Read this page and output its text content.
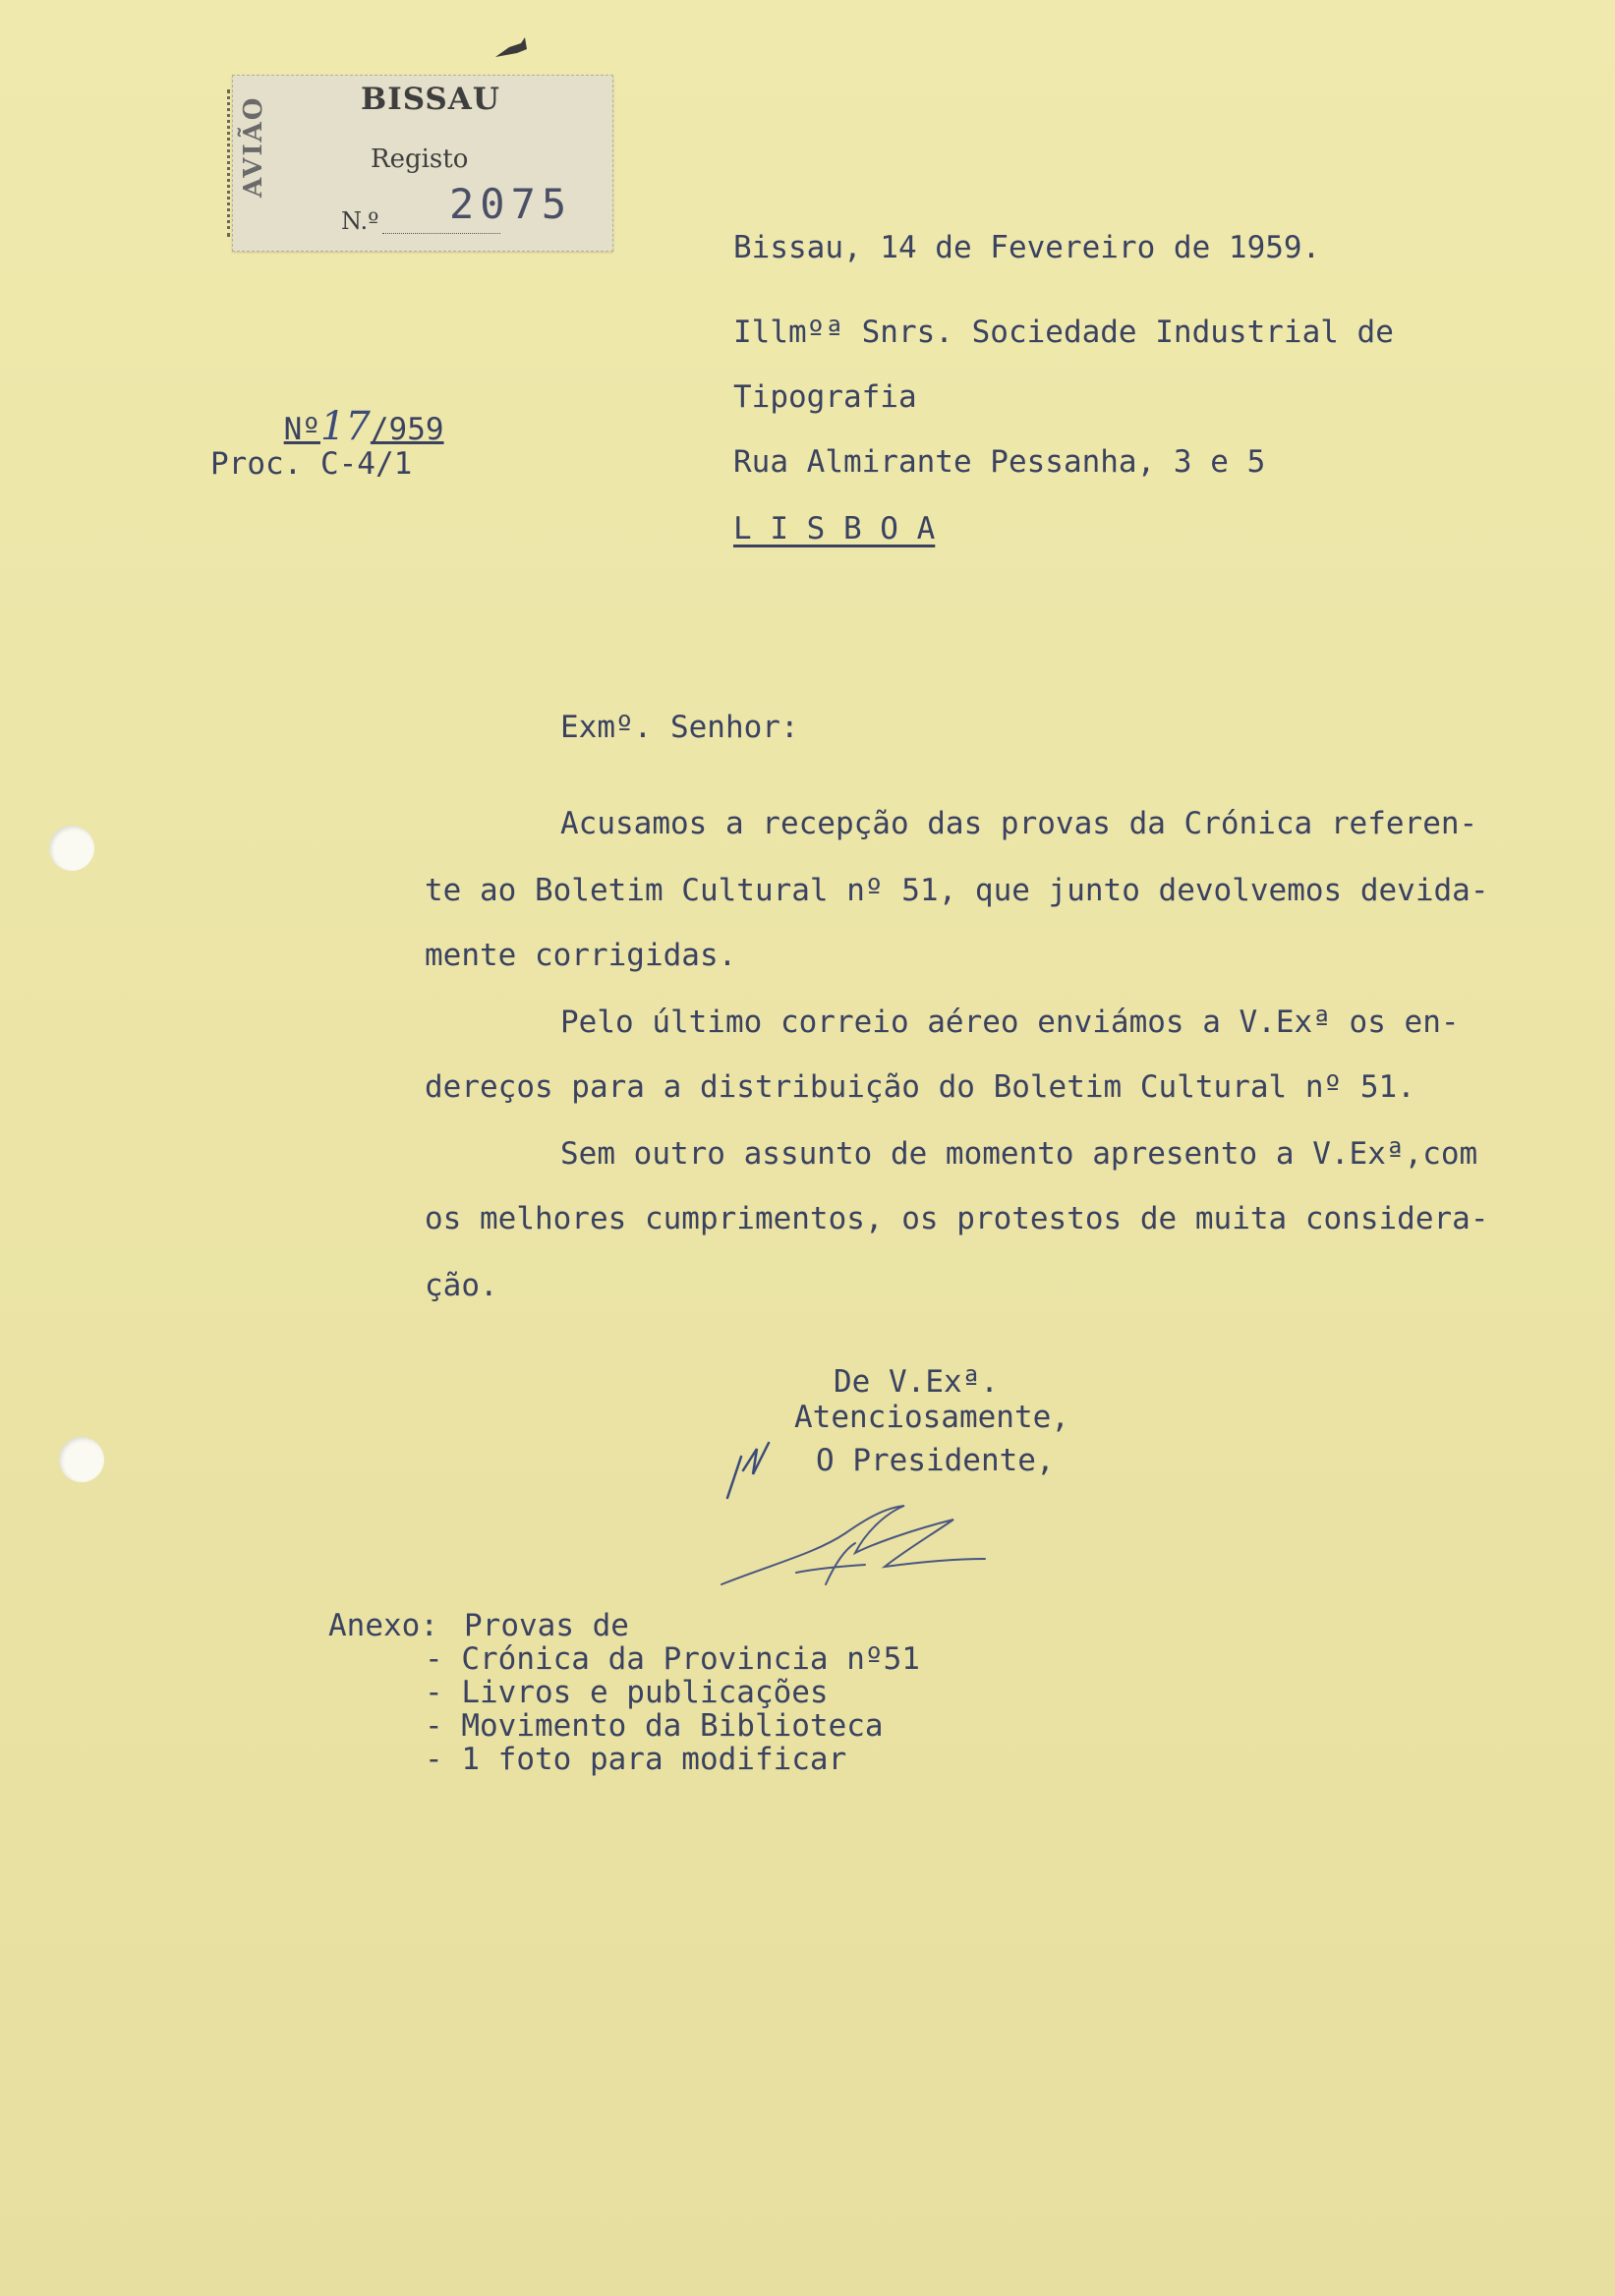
AVIÃO	BISSAU
Registo
N.º 2075

Nº17/959

Proc. C-4/1
Bissau, 14 de Fevereiro de 1959.
Illmºª Snrs. Sociedade Industrial de
Tipografia
Rua Almirante Pessanha, 3 e 5
L I S B O A
Exmº. Senhor:
Acusamos a recepção das provas da Crónica referen-
te ao Boletim Cultural nº 51, que junto devolvemos devida-
mente corrigidas.
Pelo último correio aéreo enviámos a V.Exª os en-
dereços para a distribuição do Boletim Cultural nº 51.
Sem outro assunto de momento apresento a V.Exª,com
os melhores cumprimentos, os protestos de muita considera-
ção.
De V.Exª.
Atenciosamente,
O Presidente,
Anexo: Provas de
- Crónica da Provincia nº51
- Livros e publicações
- Movimento da Biblioteca
- 1 foto para modificar
